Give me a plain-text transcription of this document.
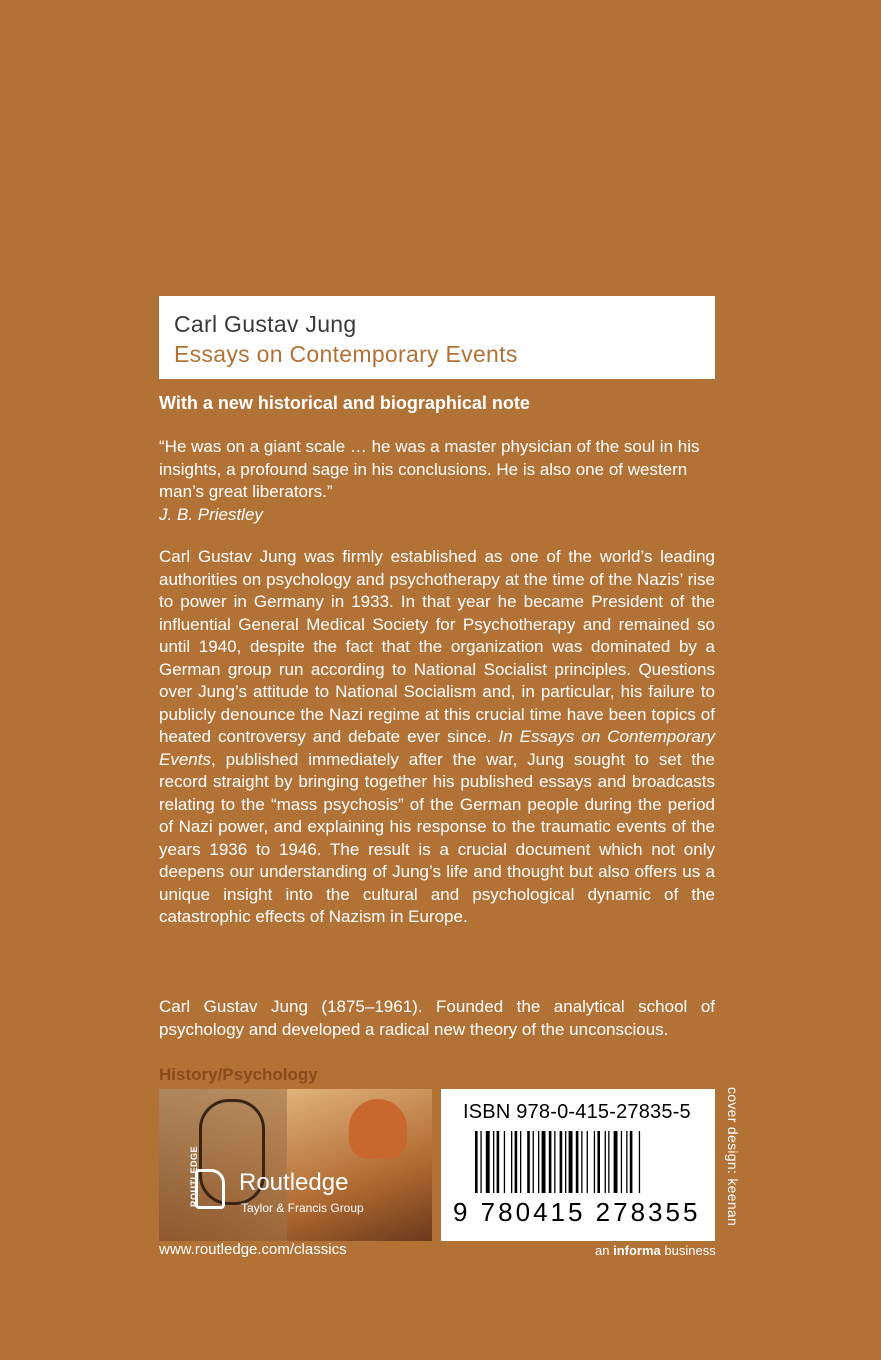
Carl Gustav Jung
Essays on Contemporary Events
With a new historical and biographical note
“He was on a giant scale … he was a master physician of the soul in his insights, a profound sage in his conclusions. He is also one of western man’s great liberators.”
J. B. Priestley
Carl Gustav Jung was firmly established as one of the world’s leading authorities on psychology and psychotherapy at the time of the Nazis’ rise to power in Germany in 1933. In that year he became President of the influential General Medical Society for Psychotherapy and remained so until 1940, despite the fact that the organization was dominated by a German group run according to National Socialist principles. Questions over Jung’s attitude to National Socialism and, in particular, his failure to publicly denounce the Nazi regime at this crucial time have been topics of heated controversy and debate ever since. In Essays on Contemporary Events, published immediately after the war, Jung sought to set the record straight by bringing together his published essays and broadcasts relating to the “mass psychosis” of the German people during the period of Nazi power, and explaining his response to the traumatic events of the years 1936 to 1946. The result is a crucial document which not only deepens our understanding of Jung’s life and thought but also offers us a unique insight into the cultural and psychological dynamic of the catastrophic effects of Nazism in Europe.
Carl Gustav Jung (1875–1961). Founded the analytical school of psychology and developed a radical new theory of the unconscious.
History/Psychology
ROUTLEDGE Routledge
Taylor & Francis Group
www.routledge.com/classics
ISBN 978-0-415-27835-5
9 780415 278355
an informa business
cover design: keenan
